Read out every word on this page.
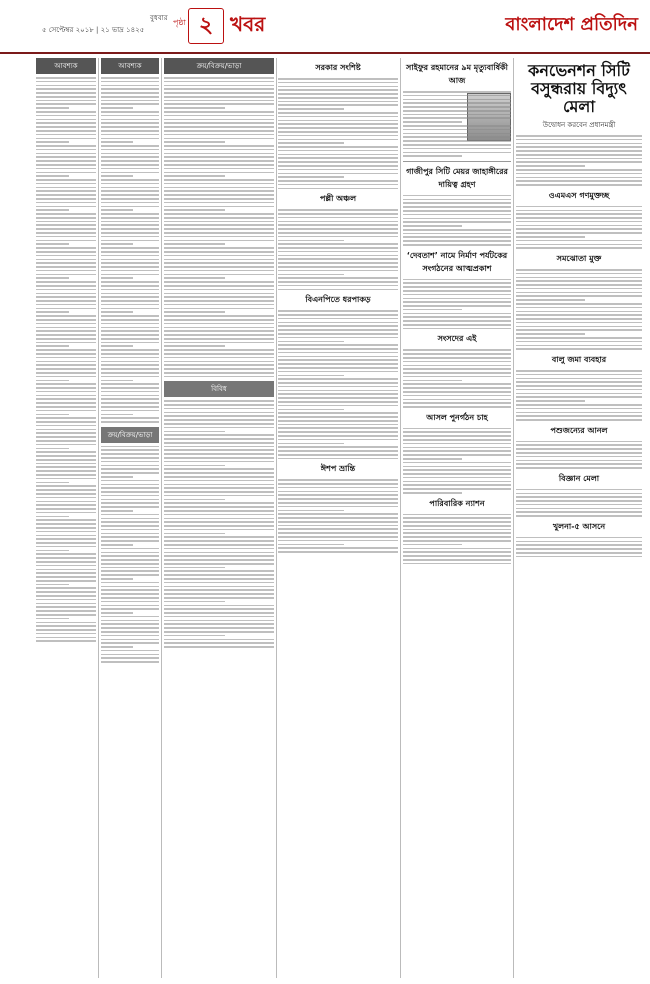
বুধবার
৫ সেপ্টেম্বর ২০১৮ | ২১ ভাদ্র ১৪২৫
পৃষ্ঠা ২ খবর	বাংলাদেশ প্রতিদিন
আবশ্যক	আবশ্যক
ক্রয়/বিক্রয়/ভাড়া
ক্রয়/বিক্রয়/ভাড়া
বিবিধ
সরকার সংশিষ্ট
পল্লী অঞ্চল
বিএনপিতে ধরপাকড়
ঈশপ ভ্রান্তি
সাইফুর রহমানের ৯ম মৃত্যুবার্ষিকী আজ
গাজীপুর সিটি মেয়র জাহাঙ্গীরের দায়িত্ব গ্রহণ
‘দেবতাশ’ নামে নির্মাণ পর্যটকের সংগঠনের আত্মপ্রকাশ
সংসদের এই
আসল পুনর্গঠন চাহ
পারিবারিক ন্যাশন
কনভেনশন সিটি বসুন্ধরায় বিদ্যুৎ মেলা
উদ্বোধন করবেন প্রধানমন্ত্রী
ওএমএস গণমুক্তচ্ছ
সমঝোতা মুক্ত
বালু জমা ব্যবহার
পশুজন্যের আনল
বিজ্ঞান মেলা
খুলনা-৫ আসনে
